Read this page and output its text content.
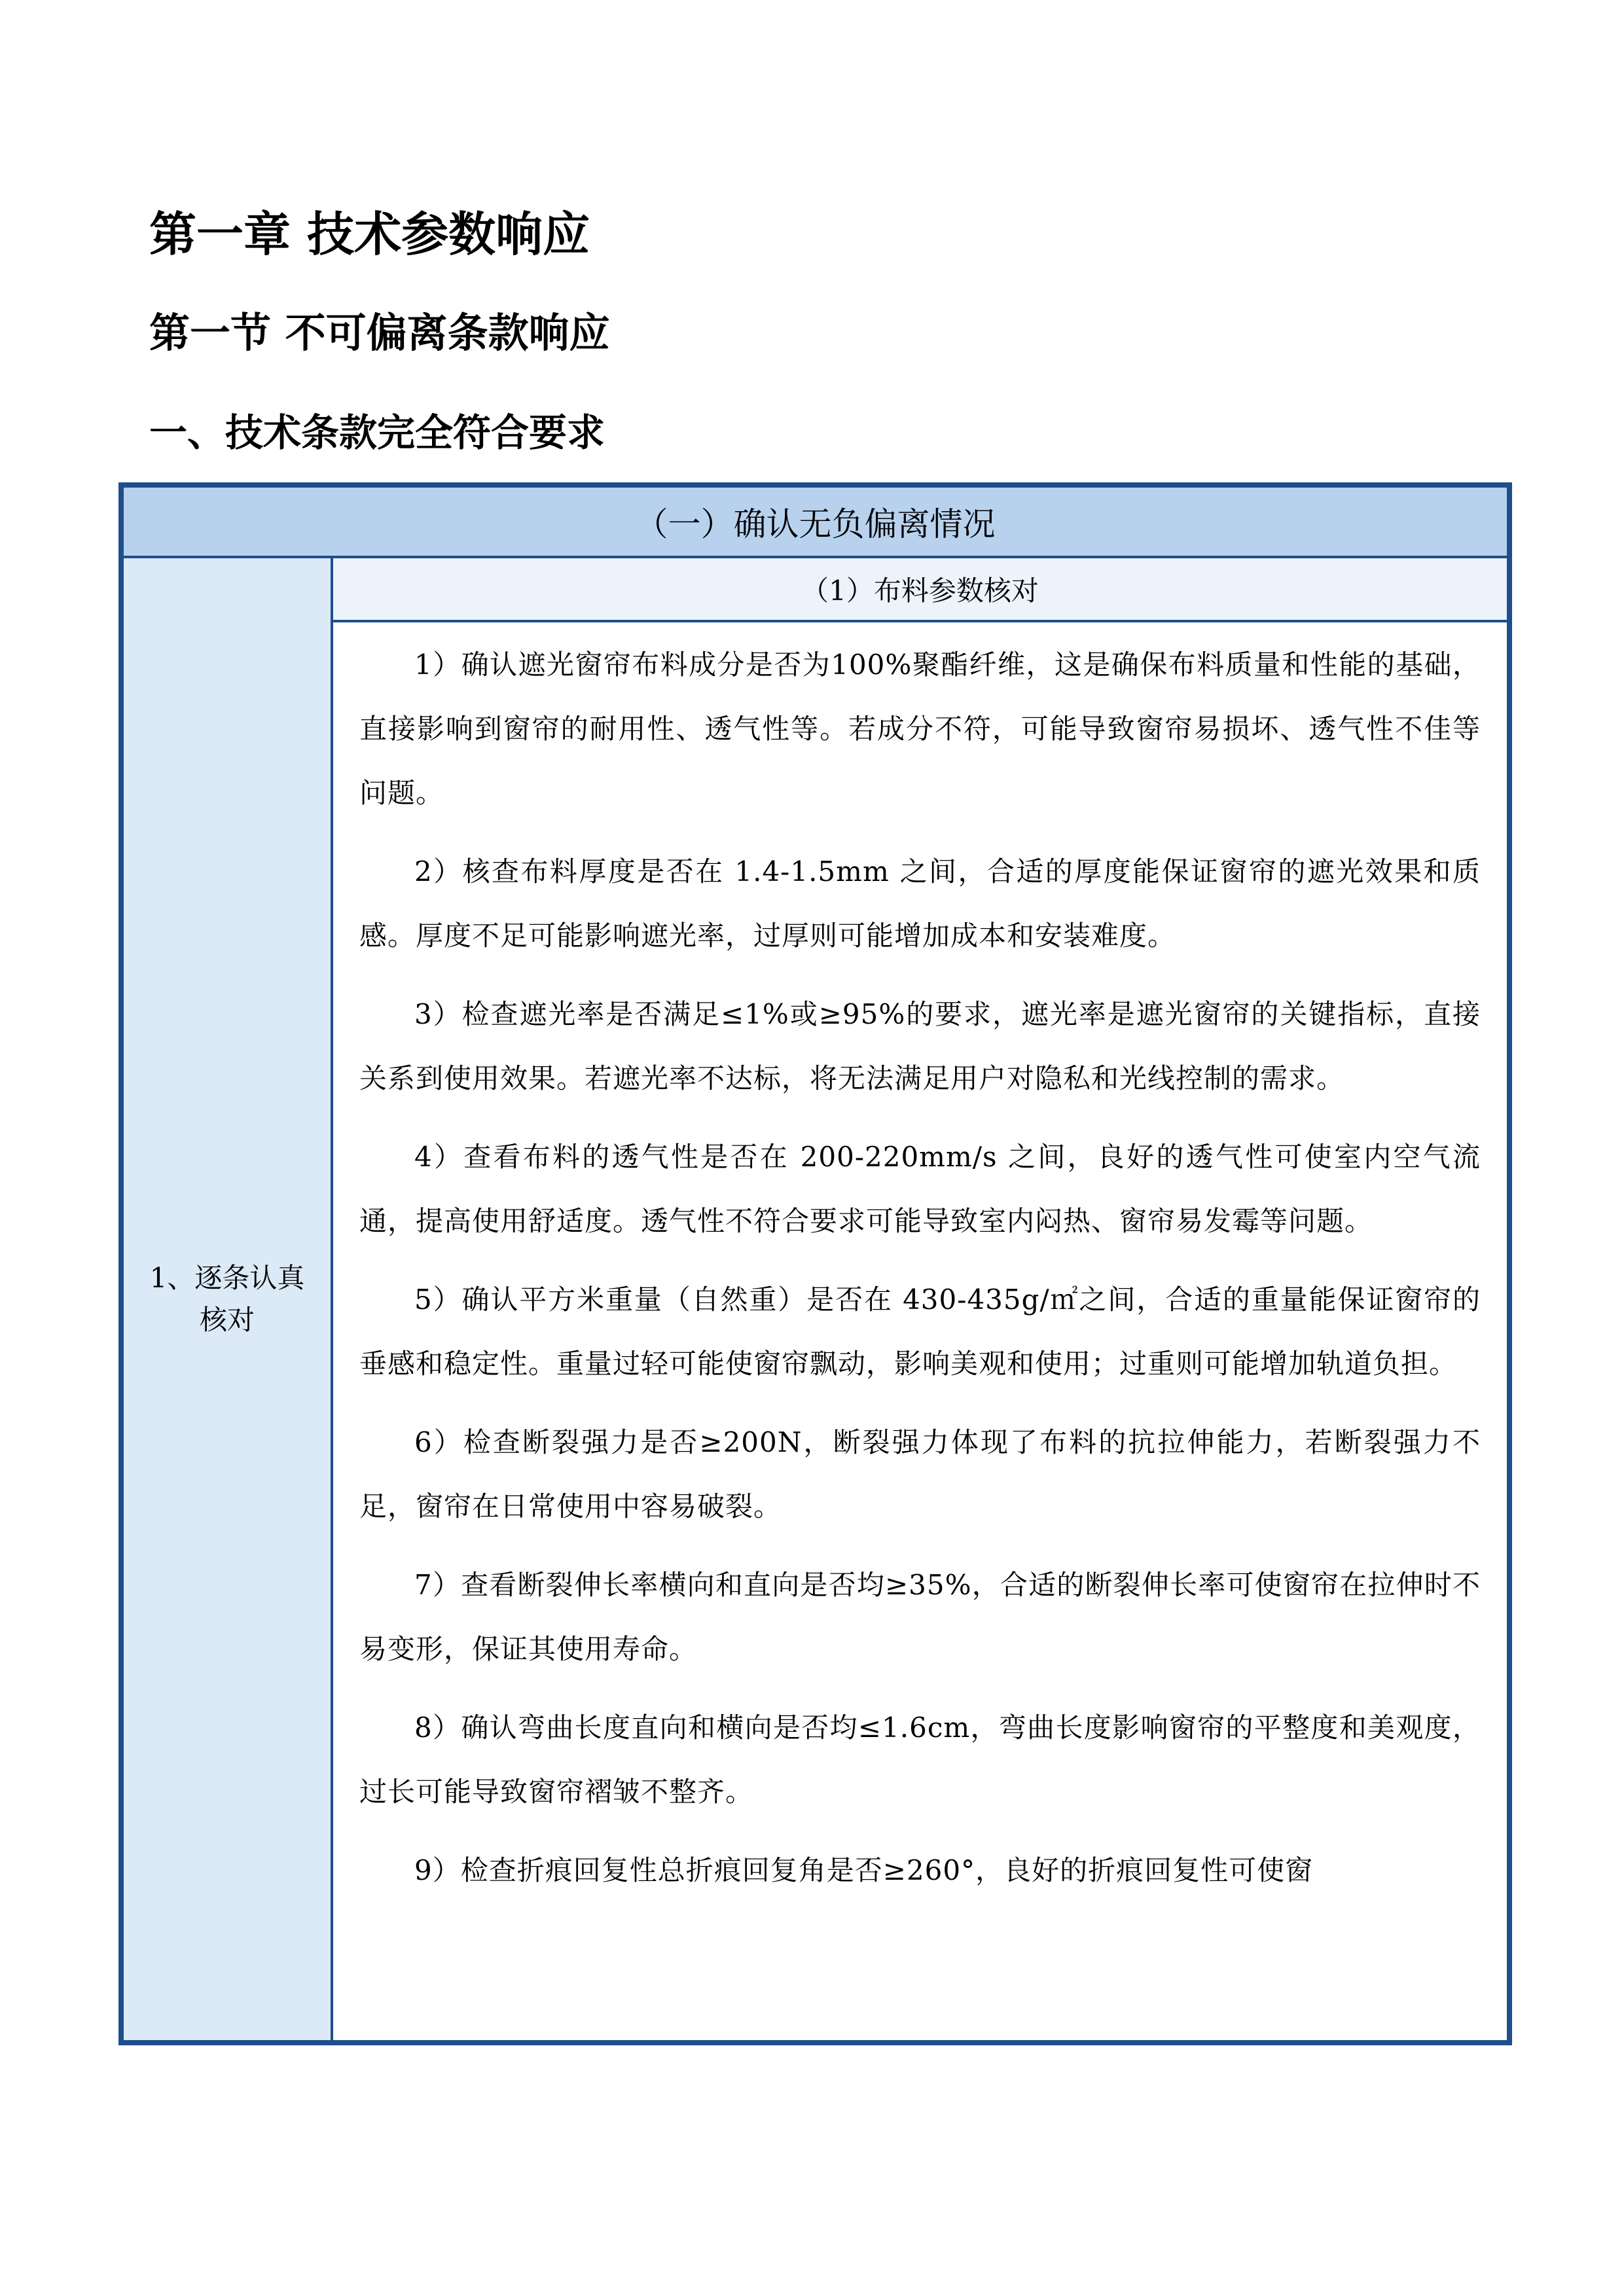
第一章 技术参数响应
第一节 不可偏离条款响应
一、技术条款完全符合要求
（一）确认无负偏离情况
1、逐条认真核对
（1）布料参数核对

1）确认遮光窗帘布料成分是否为100%聚酯纤维，这是确保布料质量和性能的基础，直接影响到窗帘的耐用性、透气性等。若成分不符，可能导致窗帘易损坏、透气性不佳等问题。

2）核查布料厚度是否在 1.4-1.5mm 之间，合适的厚度能保证窗帘的遮光效果和质感。厚度不足可能影响遮光率，过厚则可能增加成本和安装难度。

3）检查遮光率是否满足≤1%或≥95%的要求，遮光率是遮光窗帘的关键指标，直接关系到使用效果。若遮光率不达标，将无法满足用户对隐私和光线控制的需求。

4）查看布料的透气性是否在 200-220mm/s 之间，良好的透气性可使室内空气流通，提高使用舒适度。透气性不符合要求可能导致室内闷热、窗帘易发霉等问题。

5）确认平方米重量（自然重）是否在 430-435g/㎡之间，合适的重量能保证窗帘的垂感和稳定性。重量过轻可能使窗帘飘动，影响美观和使用；过重则可能增加轨道负担。

6）检查断裂强力是否≥200N，断裂强力体现了布料的抗拉伸能力，若断裂强力不足，窗帘在日常使用中容易破裂。

7）查看断裂伸长率横向和直向是否均≥35%，合适的断裂伸长率可使窗帘在拉伸时不易变形，保证其使用寿命。

8）确认弯曲长度直向和横向是否均≤1.6cm，弯曲长度影响窗帘的平整度和美观度，过长可能导致窗帘褶皱不整齐。

9）检查折痕回复性总折痕回复角是否≥260°，良好的折痕回复性可使窗
